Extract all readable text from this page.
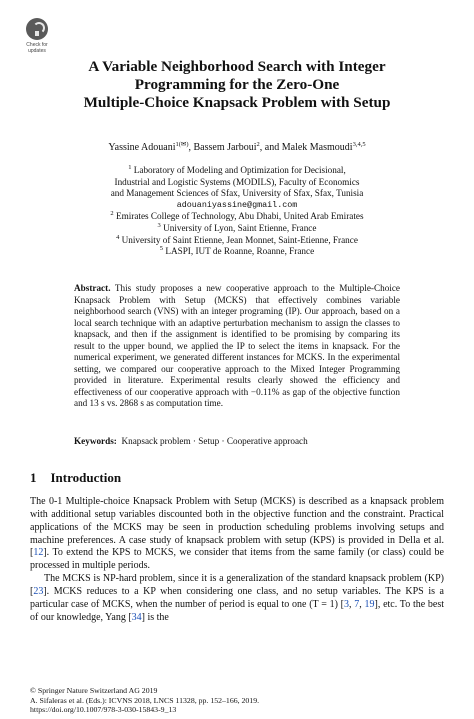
Check for updates
A Variable Neighborhood Search with Integer
Programming for the Zero-One
Multiple-Choice Knapsack Problem with Setup
Yassine Adouani$^{1(✉)}$, Bassem Jarboui$^2$, and Malek Masmoudi$^{3,4,5}$
$^1$ Laboratory of Modeling and Optimization for Decisional,
Industrial and Logistic Systems (MODILS), Faculty of Economics
and Management Sciences of Sfax, University of Sfax, Sfax, Tunisia
adouaniyassine@gmail.com
$^2$ Emirates College of Technology, Abu Dhabi, United Arab Emirates
$^3$ University of Lyon, Saint Etienne, France
$^4$ University of Saint Etienne, Jean Monnet, Saint-Etienne, France
$^5$ LASPI, IUT de Roanne, Roanne, France
Abstract. This study proposes a new cooperative approach to the Multiple-Choice Knapsack Problem with Setup (MCKS) that effectively combines variable neighborhood search (VNS) with an integer programing (IP). Our approach, based on a local search technique with an adaptive perturbation mechanism to assign the classes to knapsack, and then if the assignment is identified to be promising by comparing its result to the upper bound, we applied the IP to select the items in knapsack. For the numerical experiment, we generated different instances for MCKS. In the experimental setting, we compared our cooperative approach to the Mixed Integer Programming provided in literature. Experimental results clearly showed the efficiency and effectiveness of our cooperative approach with −0.11% as gap of the objective function and 13 s vs. 2868 s as computation time.
Keywords: Knapsack problem · Setup · Cooperative approach
1 Introduction

The 0-1 Multiple-choice Knapsack Problem with Setup (MCKS) is described as a knapsack problem with additional setup variables discounted both in the objective function and the constraint. Practical applications of the MCKS may be seen in production scheduling problems involving setups and machine preferences. A case study of knapsack problem with setup (KPS) is provided in Della et al. [12]. To extend the KPS to MCKS, we consider that items from the same family (or class) could be processed in multiple periods.

The MCKS is NP-hard problem, since it is a generalization of the standard knapsack problem (KP) [23]. MCKS reduces to a KP when considering one class, and no setup variables. The KPS is a particular case of MCKS, when the number of period is equal to one (T = 1) [3, 7, 19], etc. To the best of our knowledge, Yang [34] is the

© Springer Nature Switzerland AG 2019
A. Sifaleras et al. (Eds.): ICVNS 2018, LNCS 11328, pp. 152–166, 2019.
https://doi.org/10.1007/978-3-030-15843-9_13
